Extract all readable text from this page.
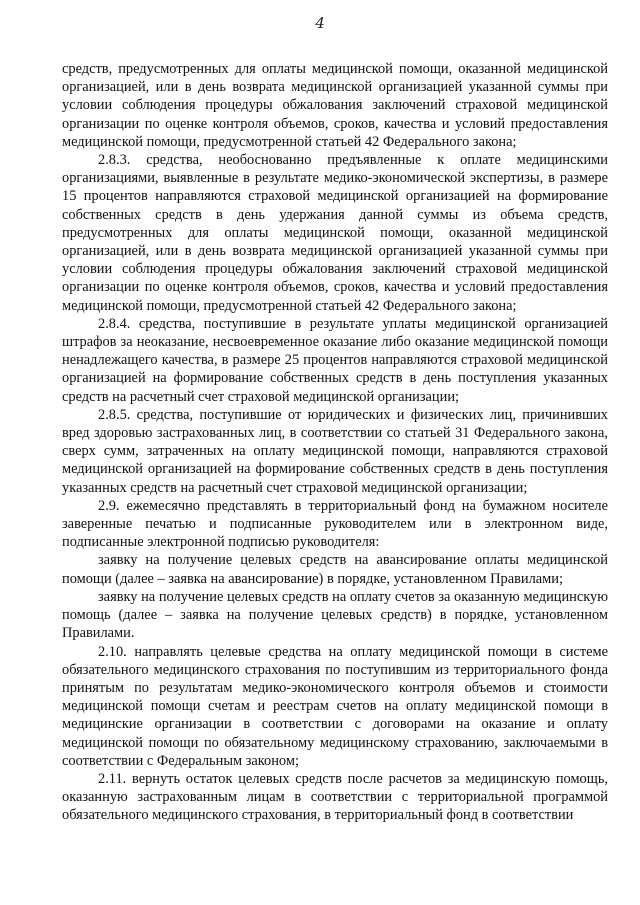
4

средств, предусмотренных для оплаты медицинской помощи, оказанной медицинской организацией, или в день возврата медицинской организацией указанной суммы при условии соблюдения процедуры обжалования заключений страховой медицинской организации по оценке контроля объемов, сроков, качества и условий предоставления медицинской помощи, предусмотренной статьей 42 Федерального закона;

2.8.3. средства, необоснованно предъявленные к оплате медицинскими организациями, выявленные в результате медико-экономической экспертизы, в размере 15 процентов направляются страховой медицинской организацией на формирование собственных средств в день удержания данной суммы из объема средств, предусмотренных для оплаты медицинской помощи, оказанной медицинской организацией, или в день возврата медицинской организацией указанной суммы при условии соблюдения процедуры обжалования заключений страховой медицинской организации по оценке контроля объемов, сроков, качества и условий предоставления медицинской помощи, предусмотренной статьей 42 Федерального закона;

2.8.4. средства, поступившие в результате уплаты медицинской организацией штрафов за неоказание, несвоевременное оказание либо оказание медицинской помощи ненадлежащего качества, в размере 25 процентов направляются страховой медицинской организацией на формирование собственных средств в день поступления указанных средств на расчетный счет страховой медицинской организации;

2.8.5. средства, поступившие от юридических и физических лиц, причинивших вред здоровью застрахованных лиц, в соответствии со статьей 31 Федерального закона, сверх сумм, затраченных на оплату медицинской помощи, направляются страховой медицинской организацией на формирование собственных средств в день поступления указанных средств на расчетный счет страховой медицинской организации;

2.9. ежемесячно представлять в территориальный фонд на бумажном носителе заверенные печатью и подписанные руководителем или в электронном виде, подписанные электронной подписью руководителя:

заявку на получение целевых средств на авансирование оплаты медицинской помощи (далее – заявка на авансирование) в порядке, установленном Правилами;

заявку на получение целевых средств на оплату счетов за оказанную медицинскую помощь (далее – заявка на получение целевых средств) в порядке, установленном Правилами.

2.10. направлять целевые средства на оплату медицинской помощи в системе обязательного медицинского страхования по поступившим из территориального фонда принятым по результатам медико-экономического контроля объемов и стоимости медицинской помощи счетам и реестрам счетов на оплату медицинской помощи в медицинские организации в соответствии с договорами на оказание и оплату медицинской помощи по обязательному медицинскому страхованию, заключаемыми в соответствии с Федеральным законом;

2.11. вернуть остаток целевых средств после расчетов за медицинскую помощь, оказанную застрахованным лицам в соответствии с территориальной программой обязательного медицинского страхования, в территориальный фонд в соответствии
